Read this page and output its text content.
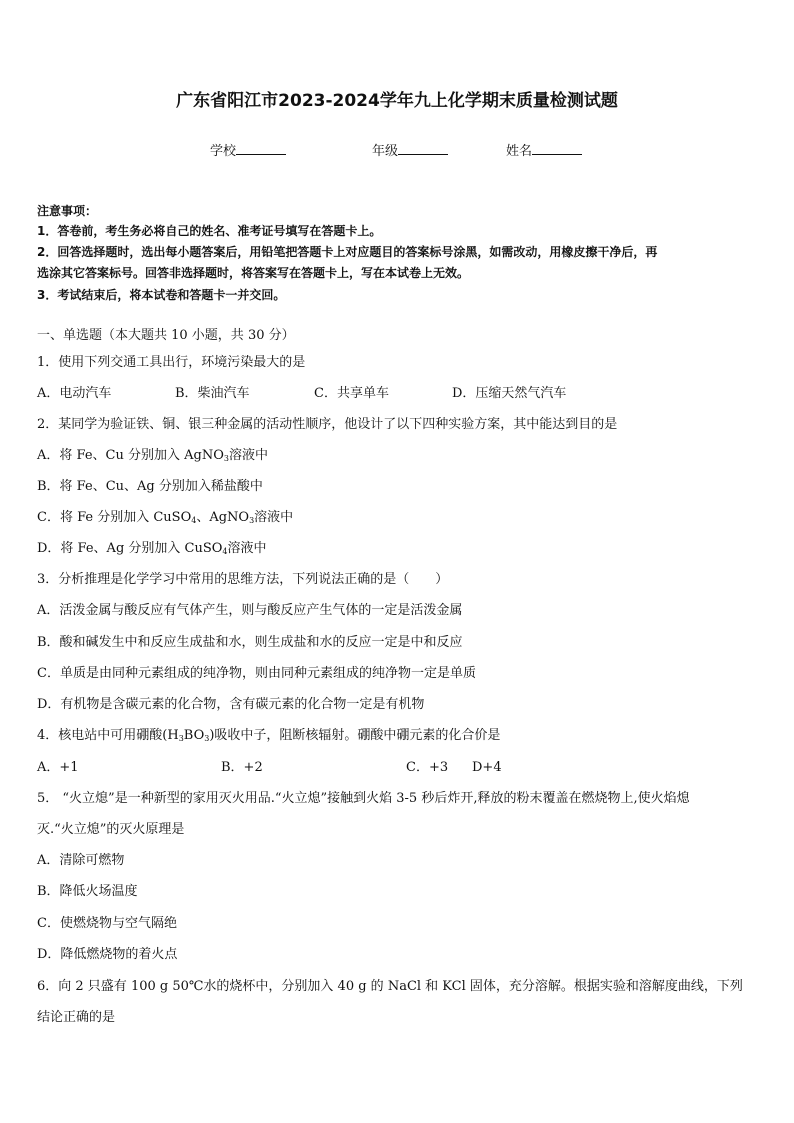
广东省阳江市2023-2024学年九上化学期末质量检测试题
学校	年级	姓名
注意事项：
1．答卷前，考生务必将自己的姓名、准考证号填写在答题卡上。
2．回答选择题时，选出每小题答案后，用铅笔把答题卡上对应题目的答案标号涂黑，如需改动，用橡皮擦干净后，再
选涂其它答案标号。回答非选择题时，将答案写在答题卡上，写在本试卷上无效。
3．考试结束后，将本试卷和答题卡一并交回。
一、单选题（本大题共 10 小题，共 30 分）
1．使用下列交通工具出行，环境污染最大的是
A．电动汽车	B．柴油汽车	C．共享单车	D．压缩天然气汽车
2．某同学为验证铁、铜、银三种金属的活动性顺序，他设计了以下四种实验方案，其中能达到目的是
A．将 Fe、Cu 分别加入 AgNO$_3$溶液中
B．将 Fe、Cu、Ag 分别加入稀盐酸中
C．将 Fe 分别加入 CuSO$_4$、AgNO$_3$溶液中
D．将 Fe、Ag 分别加入 CuSO$_4$溶液中
3．分析推理是化学学习中常用的思维方法，下列说法正确的是（　　）
A．活泼金属与酸反应有气体产生，则与酸反应产生气体的一定是活泼金属
B．酸和碱发生中和反应生成盐和水，则生成盐和水的反应一定是中和反应
C．单质是由同种元素组成的纯净物，则由同种元素组成的纯净物一定是单质
D．有机物是含碳元素的化合物，含有碳元素的化合物一定是有机物
4．核电站中可用硼酸$(H_3BO_3)$吸收中子，阻断核辐射。硼酸中硼元素的化合价是
A．+1	B．+2	C．+3 D+4
5． “火立熄”是一种新型的家用灭火用品.“火立熄”接触到火焰 3-5 秒后炸开,释放的粉末覆盖在燃烧物上,使火焰熄
灭.“火立熄”的灭火原理是
A．清除可燃物
B．降低火场温度
C．使燃烧物与空气隔绝
D．降低燃烧物的着火点
6．向 2 只盛有 100 g 50℃水的烧杯中，分别加入 40 g 的 NaCl 和 KCl 固体，充分溶解。根据实验和溶解度曲线，下列
结论正确的是
